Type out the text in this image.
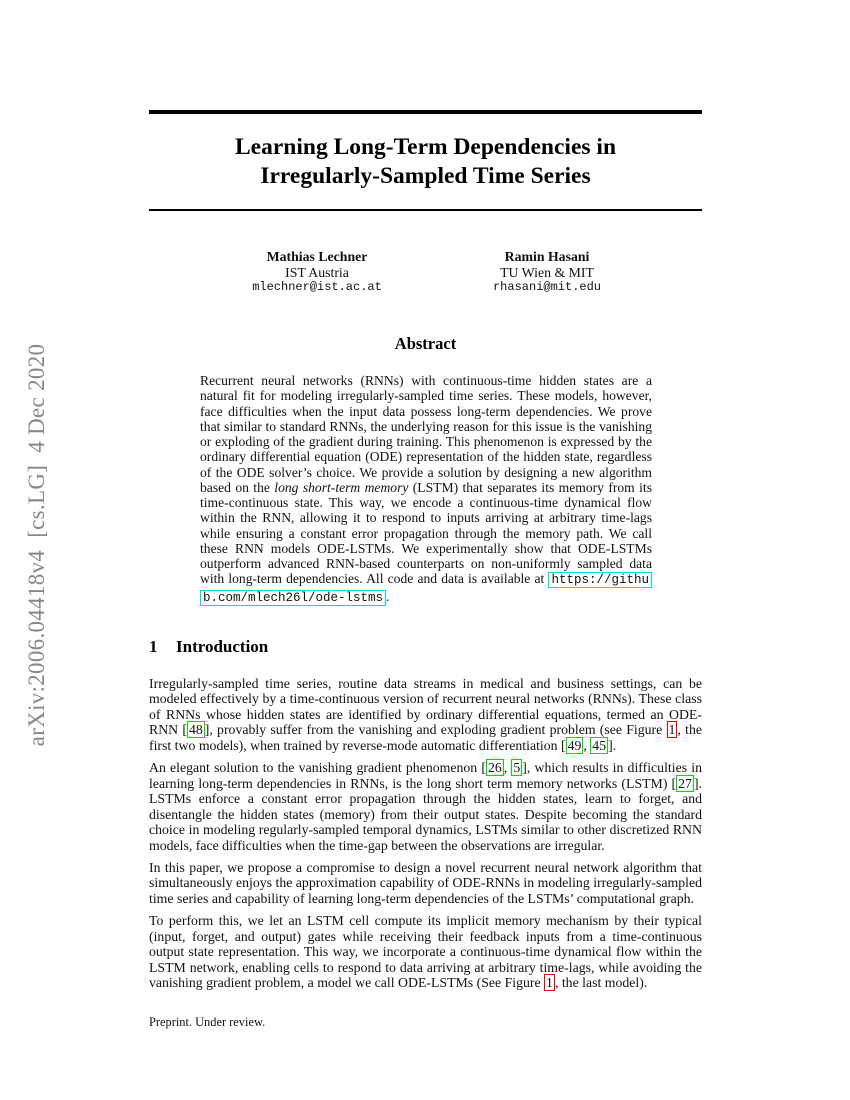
arXiv:2006.04418v4  [cs.LG]  4 Dec 2020
Learning Long-Term Dependencies in
Irregularly-Sampled Time Series
Mathias Lechner
IST Austria
mlechner@ist.ac.at
Ramin Hasani
TU Wien & MIT
rhasani@mit.edu
Abstract
Recurrent neural networks (RNNs) with continuous-time hidden states are a natural fit for modeling irregularly-sampled time series. These models, however, face difficulties when the input data possess long-term dependencies. We prove that similar to standard RNNs, the underlying reason for this issue is the vanishing or exploding of the gradient during training. This phenomenon is expressed by the ordinary differential equation (ODE) representation of the hidden state, regardless of the ODE solver’s choice. We provide a solution by designing a new algorithm based on the long short-term memory (LSTM) that separates its memory from its time-continuous state. This way, we encode a continuous-time dynamical flow within the RNN, allowing it to respond to inputs arriving at arbitrary time-lags while ensuring a constant error propagation through the memory path. We call these RNN models ODE-LSTMs. We experimentally show that ODE-LSTMs outperform advanced RNN-based counterparts on non-uniformly sampled data with long-term dependencies. All code and data is available at https://github.com/mlech26l/ode-lstms .
1 Introduction

Irregularly-sampled time series, routine data streams in medical and business settings, can be modeled effectively by a time-continuous version of recurrent neural networks (RNNs). These class of RNNs whose hidden states are identified by ordinary differential equations, termed an ODE-RNN [ 48 ], provably suffer from the vanishing and exploding gradient problem (see Figure 1 , the first two models), when trained by reverse-mode automatic differentiation [ 49 , 45 ].

An elegant solution to the vanishing gradient phenomenon [ 26 , 5 ], which results in difficulties in learning long-term dependencies in RNNs, is the long short term memory networks (LSTM) [ 27 ]. LSTMs enforce a constant error propagation through the hidden states, learn to forget, and disentangle the hidden states (memory) from their output states. Despite becoming the standard choice in modeling regularly-sampled temporal dynamics, LSTMs similar to other discretized RNN models, face difficulties when the time-gap between the observations are irregular.

In this paper, we propose a compromise to design a novel recurrent neural network algorithm that simultaneously enjoys the approximation capability of ODE-RNNs in modeling irregularly-sampled time series and capability of learning long-term dependencies of the LSTMs’ computational graph.

To perform this, we let an LSTM cell compute its implicit memory mechanism by their typical (input, forget, and output) gates while receiving their feedback inputs from a time-continuous output state representation. This way, we incorporate a continuous-time dynamical flow within the LSTM network, enabling cells to respond to data arriving at arbitrary time-lags, while avoiding the vanishing gradient problem, a model we call ODE-LSTMs (See Figure 1 , the last model).

Preprint. Under review.
